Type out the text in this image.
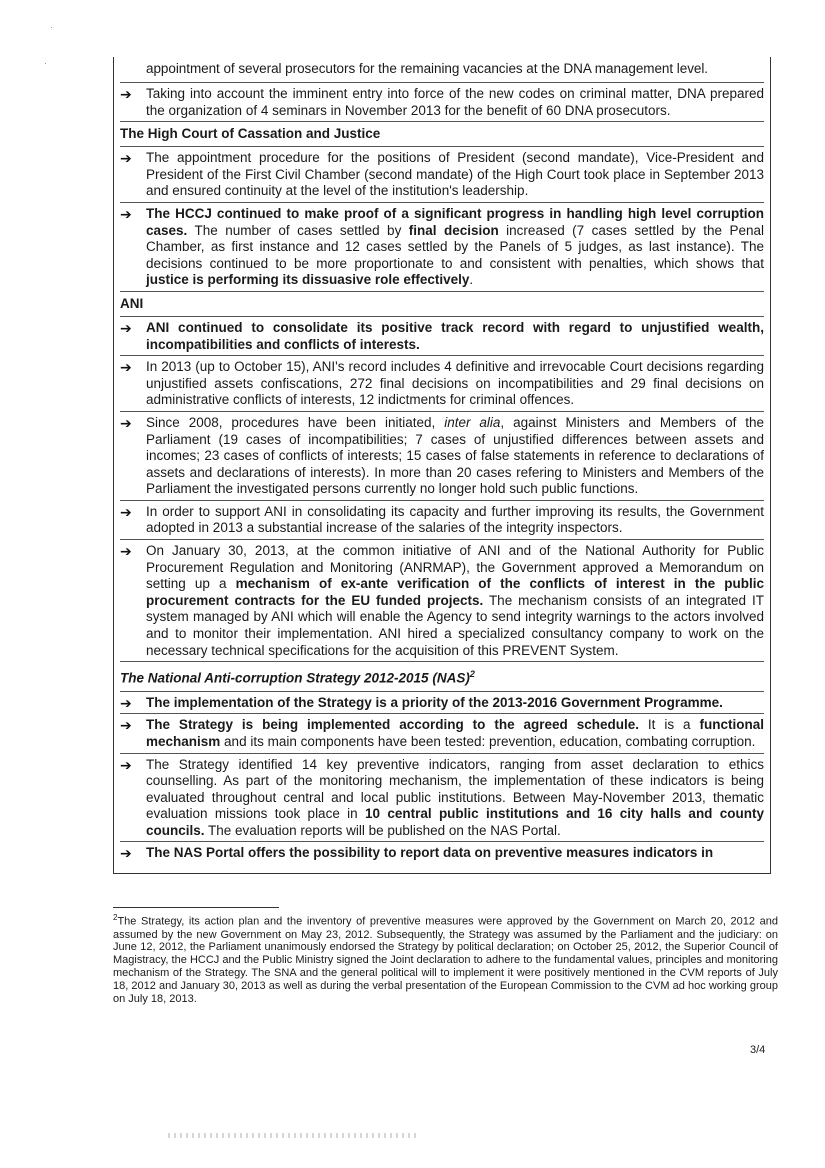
·
·	appointment of several prosecutors for the remaining vacancies at the DNA management level.
➔	Taking into account the imminent entry into force of the new codes on criminal matter, DNA prepared the organization of 4 seminars in November 2013 for the benefit of 60 DNA prosecutors.
The High Court of Cassation and Justice
➔	The appointment procedure for the positions of President (second mandate), Vice-President and President of the First Civil Chamber (second mandate) of the High Court took place in September 2013 and ensured continuity at the level of the institution's leadership.
➔	The HCCJ continued to make proof of a significant progress in handling high level corruption cases. The number of cases settled by final decision increased (7 cases settled by the Penal Chamber, as first instance and 12 cases settled by the Panels of 5 judges, as last instance). The decisions continued to be more proportionate to and consistent with penalties, which shows that justice is performing its dissuasive role effectively.
ANI
➔	ANI continued to consolidate its positive track record with regard to unjustified wealth, incompatibilities and conflicts of interests.
➔	In 2013 (up to October 15), ANI's record includes 4 definitive and irrevocable Court decisions regarding unjustified assets confiscations, 272 final decisions on incompatibilities and 29 final decisions on administrative conflicts of interests, 12 indictments for criminal offences.
➔	Since 2008, procedures have been initiated, inter alia, against Ministers and Members of the Parliament (19 cases of incompatibilities; 7 cases of unjustified differences between assets and incomes; 23 cases of conflicts of interests; 15 cases of false statements in reference to declarations of assets and declarations of interests). In more than 20 cases refering to Ministers and Members of the Parliament the investigated persons currently no longer hold such public functions.
➔	In order to support ANI in consolidating its capacity and further improving its results, the Government adopted in 2013 a substantial increase of the salaries of the integrity inspectors.
➔	On January 30, 2013, at the common initiative of ANI and of the National Authority for Public Procurement Regulation and Monitoring (ANRMAP), the Government approved a Memorandum on setting up a mechanism of ex-ante verification of the conflicts of interest in the public procurement contracts for the EU funded projects. The mechanism consists of an integrated IT system managed by ANI which will enable the Agency to send integrity warnings to the actors involved and to monitor their implementation. ANI hired a specialized consultancy company to work on the necessary technical specifications for the acquisition of this PREVENT System.
The National Anti-corruption Strategy 2012-2015 (NAS)$^2$
➔	The implementation of the Strategy is a priority of the 2013-2016 Government Programme.
➔	The Strategy is being implemented according to the agreed schedule. It is a functional mechanism and its main components have been tested: prevention, education, combating corruption.
➔	The Strategy identified 14 key preventive indicators, ranging from asset declaration to ethics counselling. As part of the monitoring mechanism, the implementation of these indicators is being evaluated throughout central and local public institutions. Between May-November 2013, thematic evaluation missions took place in 10 central public institutions and 16 city halls and county councils. The evaluation reports will be published on the NAS Portal.
➔	The NAS Portal offers the possibility to report data on preventive measures indicators in
$^2$The Strategy, its action plan and the inventory of preventive measures were approved by the Government on March 20, 2012 and assumed by the new Government on May 23, 2012. Subsequently, the Strategy was assumed by the Parliament and the judiciary: on June 12, 2012, the Parliament unanimously endorsed the Strategy by political declaration; on October 25, 2012, the Superior Council of Magistracy, the HCCJ and the Public Ministry signed the Joint declaration to adhere to the fundamental values, principles and monitoring mechanism of the Strategy. The SNA and the general political will to implement it were positively mentioned in the CVM reports of July 18, 2012 and January 30, 2013 as well as during the verbal presentation of the European Commission to the CVM ad hoc working group on July 18, 2013.
3/4
